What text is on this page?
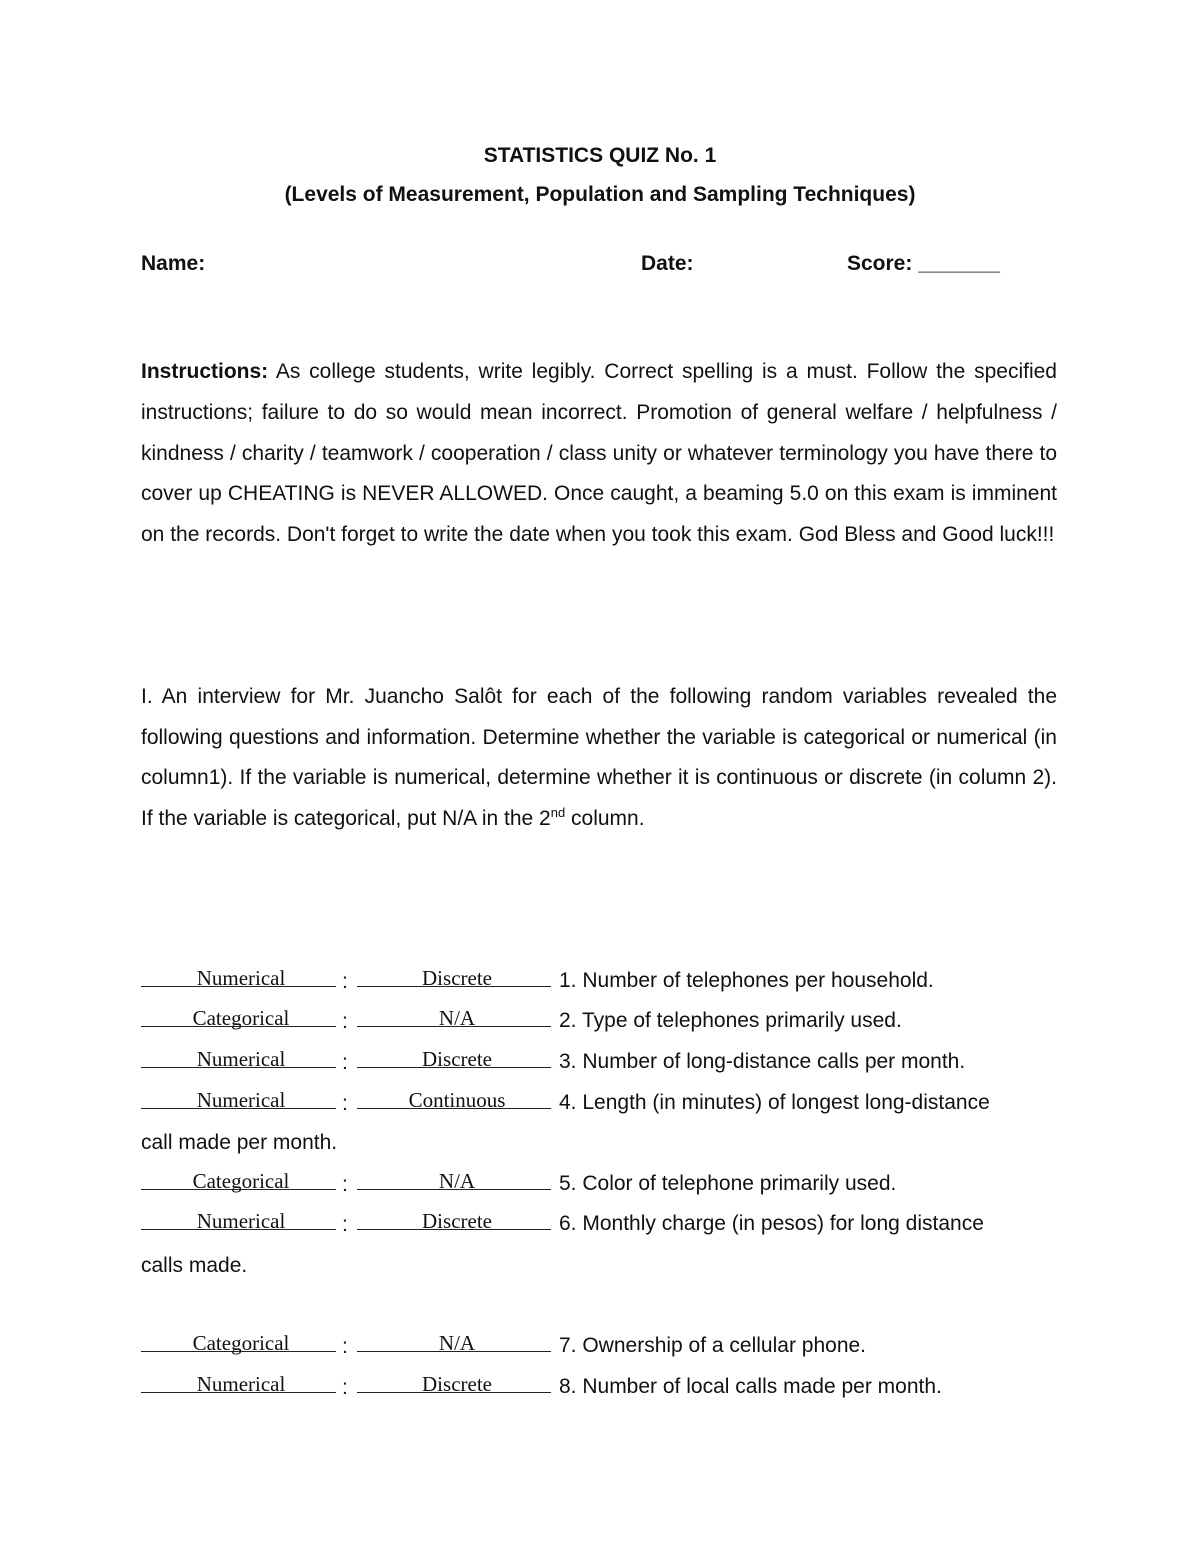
STATISTICS QUIZ No. 1
(Levels of Measurement, Population and Sampling Techniques)
Name:	Date:	Score: _______
Instructions: As college students, write legibly. Correct spelling is a must. Follow the specified instructions; failure to do so would mean incorrect. Promotion of general welfare / helpfulness / kindness / charity / teamwork / cooperation / class unity or whatever terminology you have there to cover up CHEATING is NEVER ALLOWED. Once caught, a beaming 5.0 on this exam is imminent on the records. Don't forget to write the date when you took this exam. God Bless and Good luck!!!
I. An interview for Mr. Juancho Salôt for each of the following random variables revealed the following questions and information. Determine whether the variable is categorical or numerical (in column1). If the variable is numerical, determine whether it is continuous or discrete (in column 2). If the variable is categorical, put N/A in the 2nd column.
Numerical	:	Discrete	1. Number of telephones per household.
Categorical	:	N/A	2. Type of telephones primarily used.
Numerical	:	Discrete	3. Number of long-distance calls per month.
Numerical	:	Continuous	4. Length (in minutes) of longest long-distance
call made per month.
Categorical	:	N/A	5. Color of telephone primarily used.
Numerical	:	Discrete	6. Monthly charge (in pesos) for long distance
calls made.
Categorical	:	N/A	7. Ownership of a cellular phone.
Numerical	:	Discrete	8. Number of local calls made per month.
